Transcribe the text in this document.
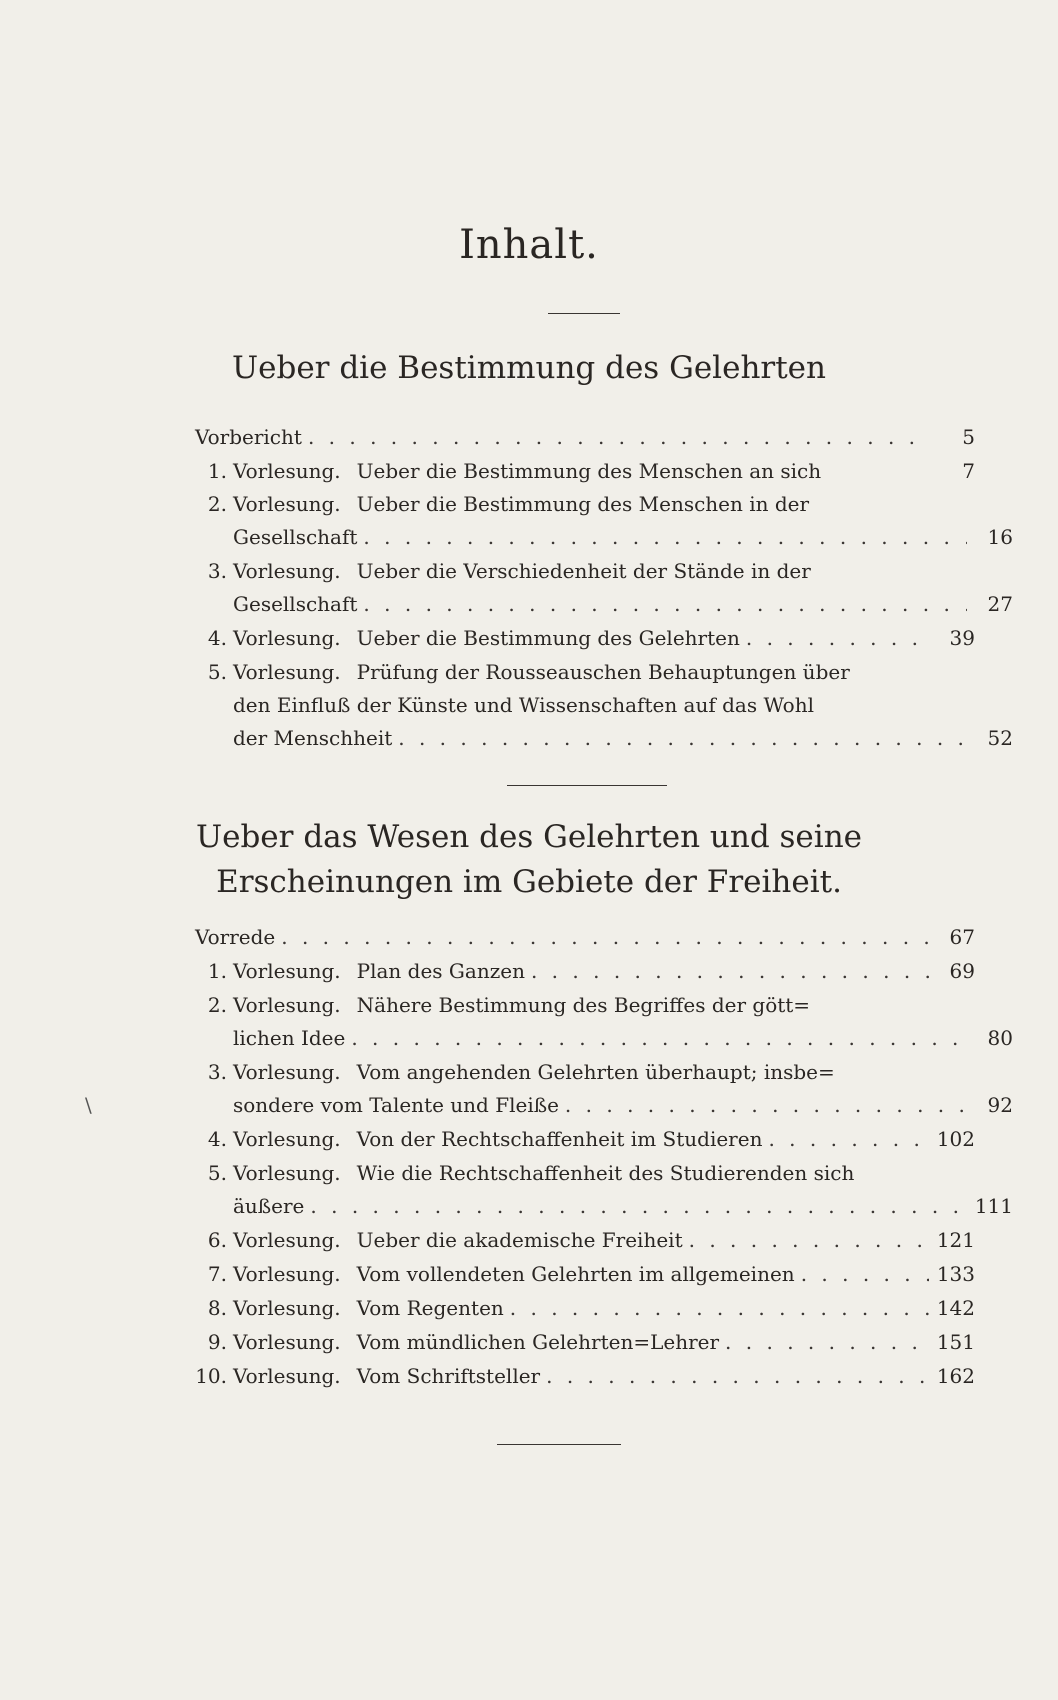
Inhalt.
Ueber die Bestimmung des Gelehrten
Vorbericht . . .	5
1. Vorlesung. Ueber die Bestimmung des Menschen an sich	7
2. Vorlesung. Ueber die Bestimmung des Menschen in der
Gesellschaft . . .	16
3. Vorlesung. Ueber die Verschiedenheit der Stände in der
Gesellschaft . . .	27
4. Vorlesung. Ueber die Bestimmung des Gelehrten . . .	39
5. Vorlesung. Prüfung der Rousseauschen Behauptungen über
den Einfluß der Künste und Wissenschaften auf das Wohl
der Menschheit . . .	52
Ueber das Wesen des Gelehrten und seine
Erscheinungen im Gebiete der Freiheit.
Vorrede . . .	67
1. Vorlesung. Plan des Ganzen . . .	69
2. Vorlesung. Nähere Bestimmung des Begriffes der gött=
lichen Idee . . .	80
3. Vorlesung. Vom angehenden Gelehrten überhaupt; insbe=
sondere vom Talente und Fleiße . . .	92
4. Vorlesung. Von der Rechtschaffenheit im Studieren . . .	102
5. Vorlesung. Wie die Rechtschaffenheit des Studierenden sich
äußere . . .	111
6. Vorlesung. Ueber die akademische Freiheit . . .	121
7. Vorlesung. Vom vollendeten Gelehrten im allgemeinen . . .	133
8. Vorlesung. Vom Regenten . . .	142
9. Vorlesung. Vom mündlichen Gelehrten=Lehrer . . .	151
10. Vorlesung. Vom Schriftsteller . . .	162
\
